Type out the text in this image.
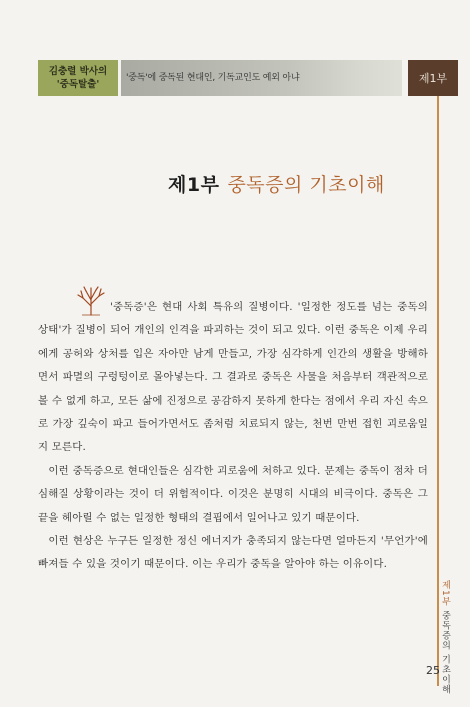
김충렬 박사의
'중독탈출'
'중독'에 중독된 현대인, 기독교인도 예외 아냐	제1부
제1부 중독증의 기초이해

'중독증'은 현대 사회 특유의 질병이다. '일정한 정도를 넘는 중독의 상태'가 질병이 되어 개인의 인격을 파괴하는 것이 되고 있다. 이런 중독은 이제 우리에게 공허와 상처를 입은 자아만 남게 만들고, 가장 심각하게 인간의 생활을 방해하면서 파멸의 구렁텅이로 몰아넣는다. 그 결과로 중독은 사물을 처음부터 객관적으로 볼 수 없게 하고, 모든 삶에 진정으로 공감하지 못하게 한다는 점에서 우리 자신 속으로 가장 깊숙이 파고 들어가면서도 좀처럼 치료되지 않는, 천번 만번 접힌 괴로움일지 모른다.

이런 중독증으로 현대인들은 심각한 괴로움에 처하고 있다. 문제는 중독이 점차 더 심해질 상황이라는 것이 더 위험적이다. 이것은 분명히 시대의 비극이다. 중독은 그 끝을 헤아릴 수 없는 일정한 형태의 결핍에서 일어나고 있기 때문이다.

이런 현상은 누구든 일정한 정신 에너지가 충족되지 않는다면 얼마든지 '무언가'에 빠져들 수 있을 것이기 때문이다. 이는 우리가 중독을 알아야 하는 이유이다.

제1부 중독증의 기초이해
25
